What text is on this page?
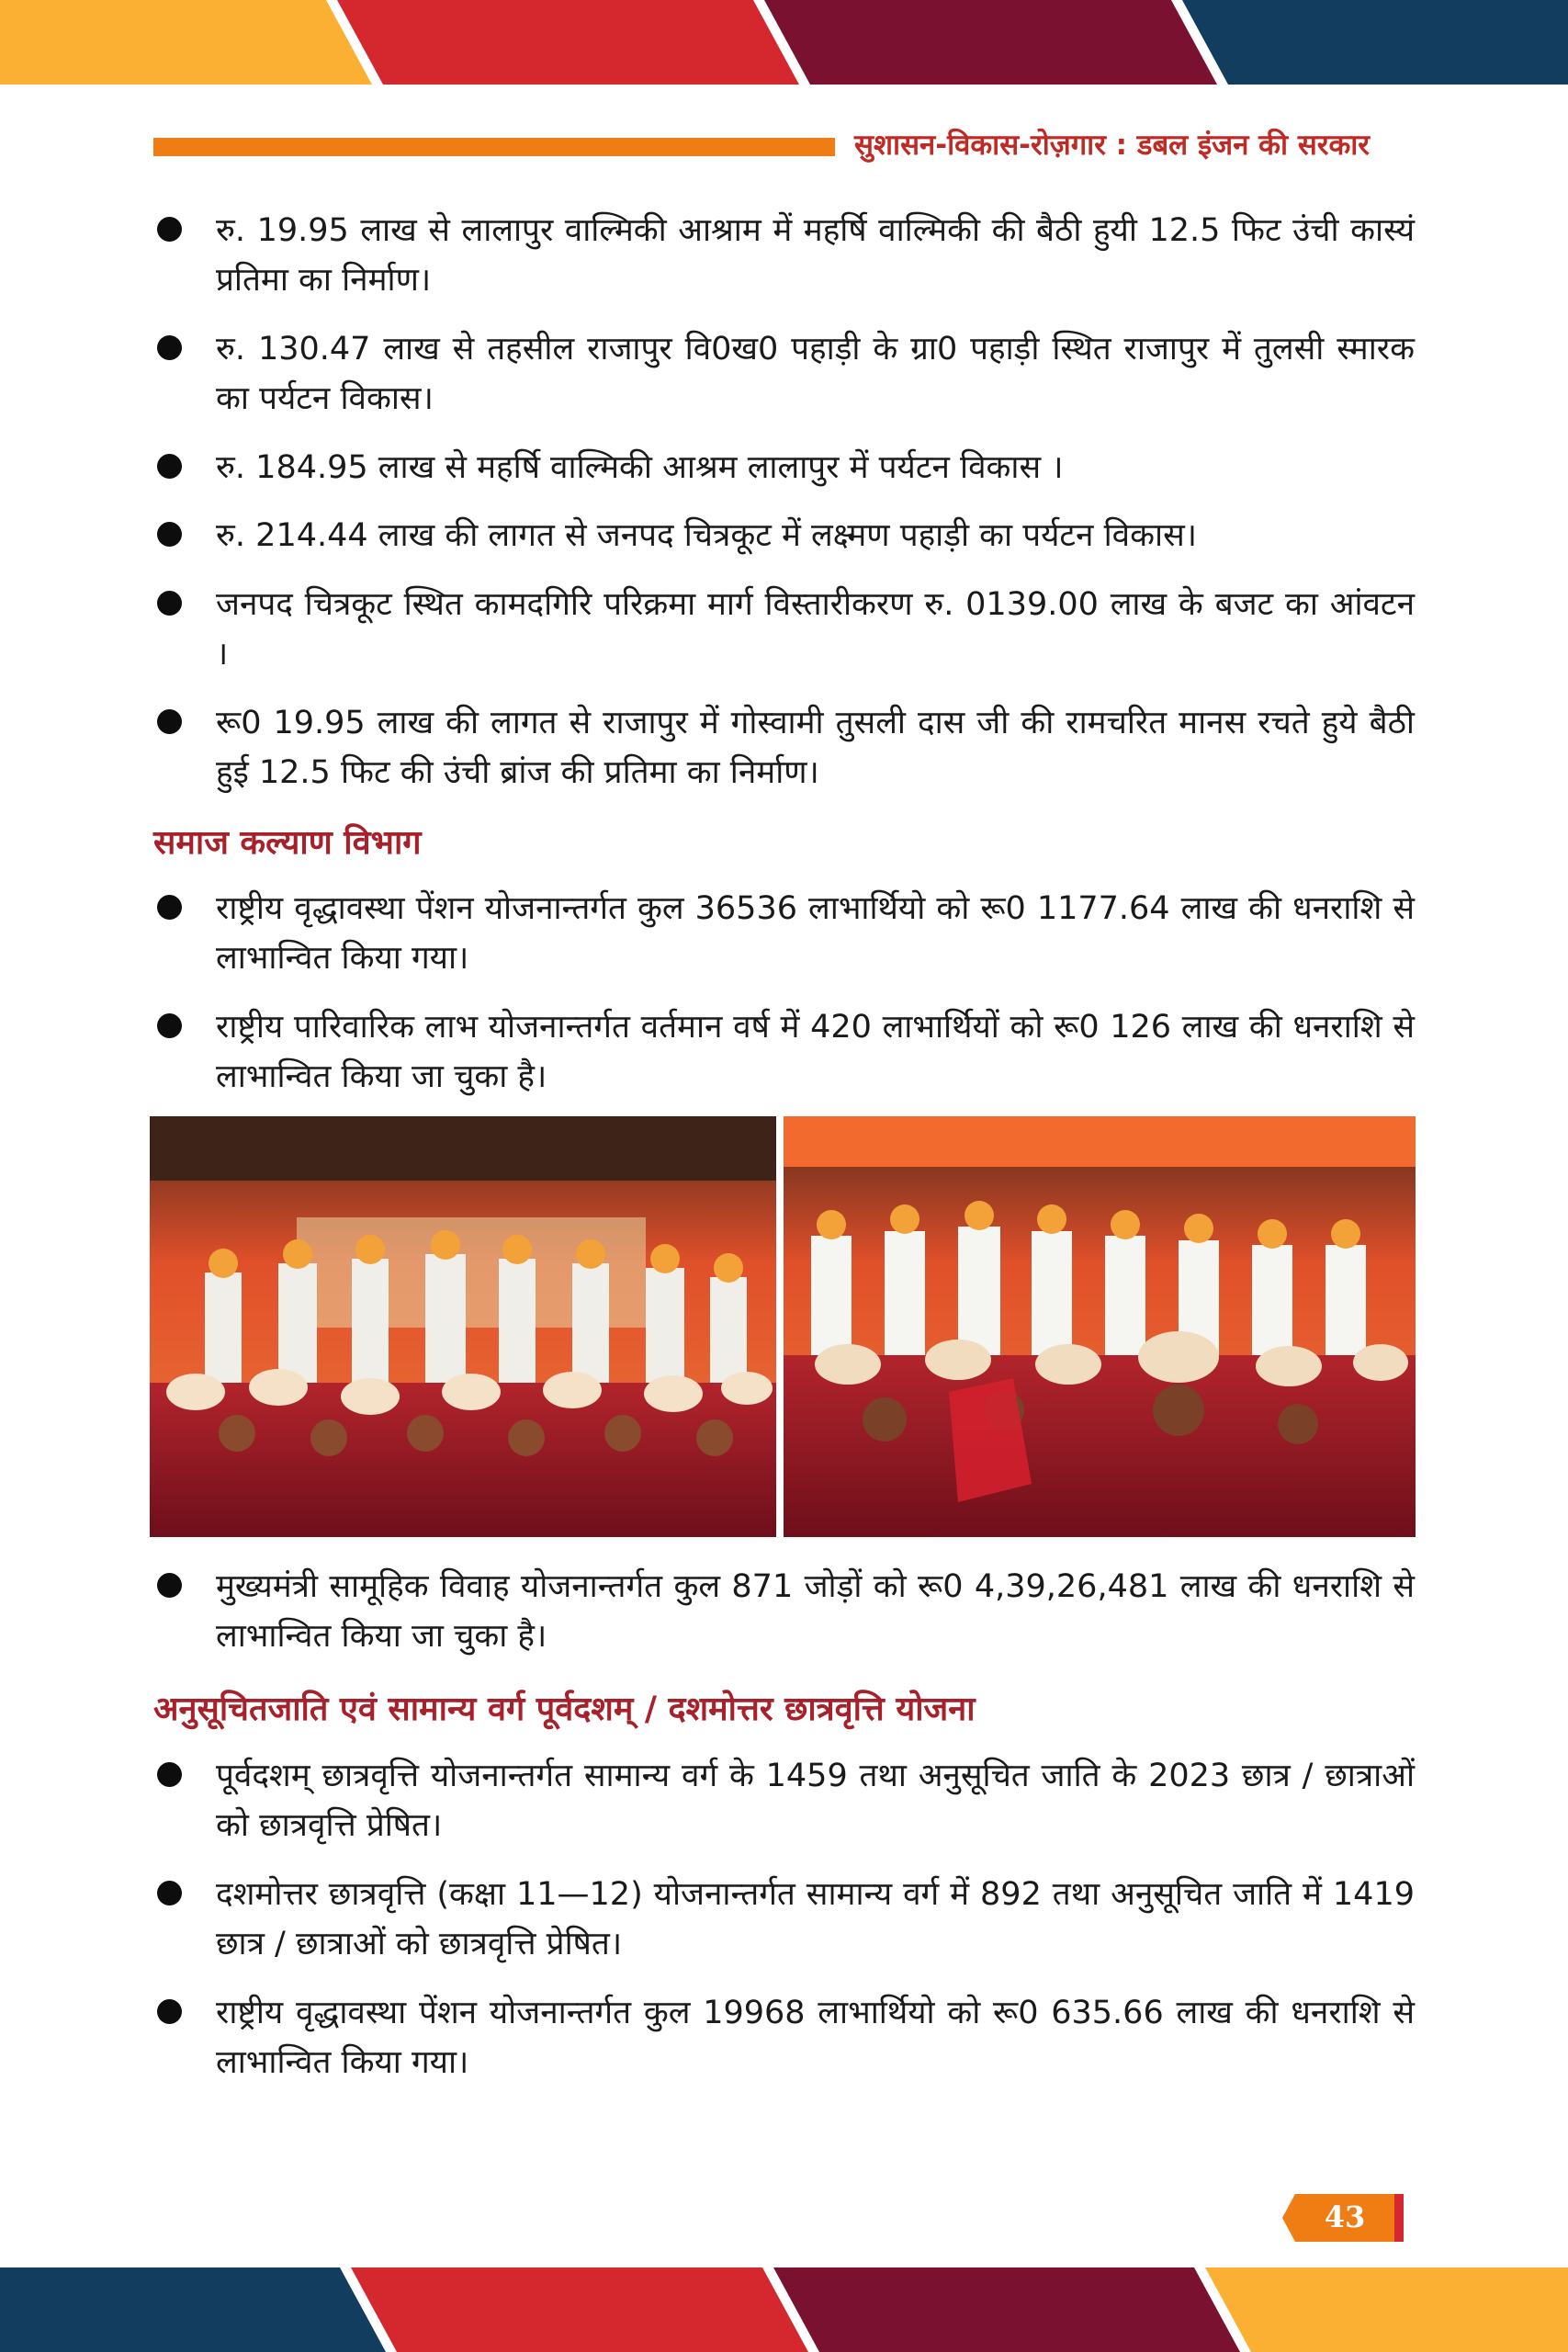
सुशासन-विकास-रोज़गार : डबल इंजन की सरकार
रु. 19.95 लाख से लालापुर वाल्मिकी आश्राम में महर्षि वाल्मिकी की बैठी हुयी 12.5 फिट उंची कास्यं प्रतिमा का निर्माण।
रु. 130.47 लाख से तहसील राजापुर वि0ख0 पहाड़ी के ग्रा0 पहाड़ी स्थित राजापुर में तुलसी स्मारक का पर्यटन विकास।
रु. 184.95 लाख से महर्षि वाल्मिकी आश्रम लालापुर में पर्यटन विकास ।
रु. 214.44 लाख की लागत से जनपद चित्रकूट में लक्ष्मण पहाड़ी का पर्यटन विकास।
जनपद चित्रकूट स्थित कामदगिरि परिक्रमा मार्ग विस्तारीकरण रु. 0139.00 लाख के बजट का आंवटन ।
रू0 19.95 लाख की लागत से राजापुर में गोस्वामी तुसली दास जी की रामचरित मानस रचते हुये बैठी हुई 12.5 फिट की उंची ब्रांज की प्रतिमा का निर्माण।
समाज कल्याण विभाग
राष्ट्रीय वृद्धावस्था पेंशन योजनान्तर्गत कुल 36536 लाभार्थियो को रू0 1177.64 लाख की धनराशि से लाभान्वित किया गया।
राष्ट्रीय पारिवारिक लाभ योजनान्तर्गत वर्तमान वर्ष में 420 लाभार्थियों को रू0 126 लाख की धनराशि से लाभान्वित किया जा चुका है।
मुख्यमंत्री सामूहिक विवाह योजनान्तर्गत कुल 871 जोड़ों को रू0 4,39,26,481 लाख की धनराशि से लाभान्वित किया जा चुका है।
अनुसूचितजाति एवं सामान्य वर्ग पूर्वदशम् / दशमोत्तर छात्रवृत्ति योजना
पूर्वदशम् छात्रवृत्ति योजनान्तर्गत सामान्य वर्ग के 1459 तथा अनुसूचित जाति के 2023 छात्र / छात्राओं को छात्रवृत्ति प्रेषित।
दशमोत्तर छात्रवृत्ति (कक्षा 11—12) योजनान्तर्गत सामान्य वर्ग में 892 तथा अनुसूचित जाति में 1419 छात्र / छात्राओं को छात्रवृत्ति प्रेषित।
राष्ट्रीय वृद्धावस्था पेंशन योजनान्तर्गत कुल 19968 लाभार्थियो को रू0 635.66 लाख की धनराशि से लाभान्वित किया गया।
43
